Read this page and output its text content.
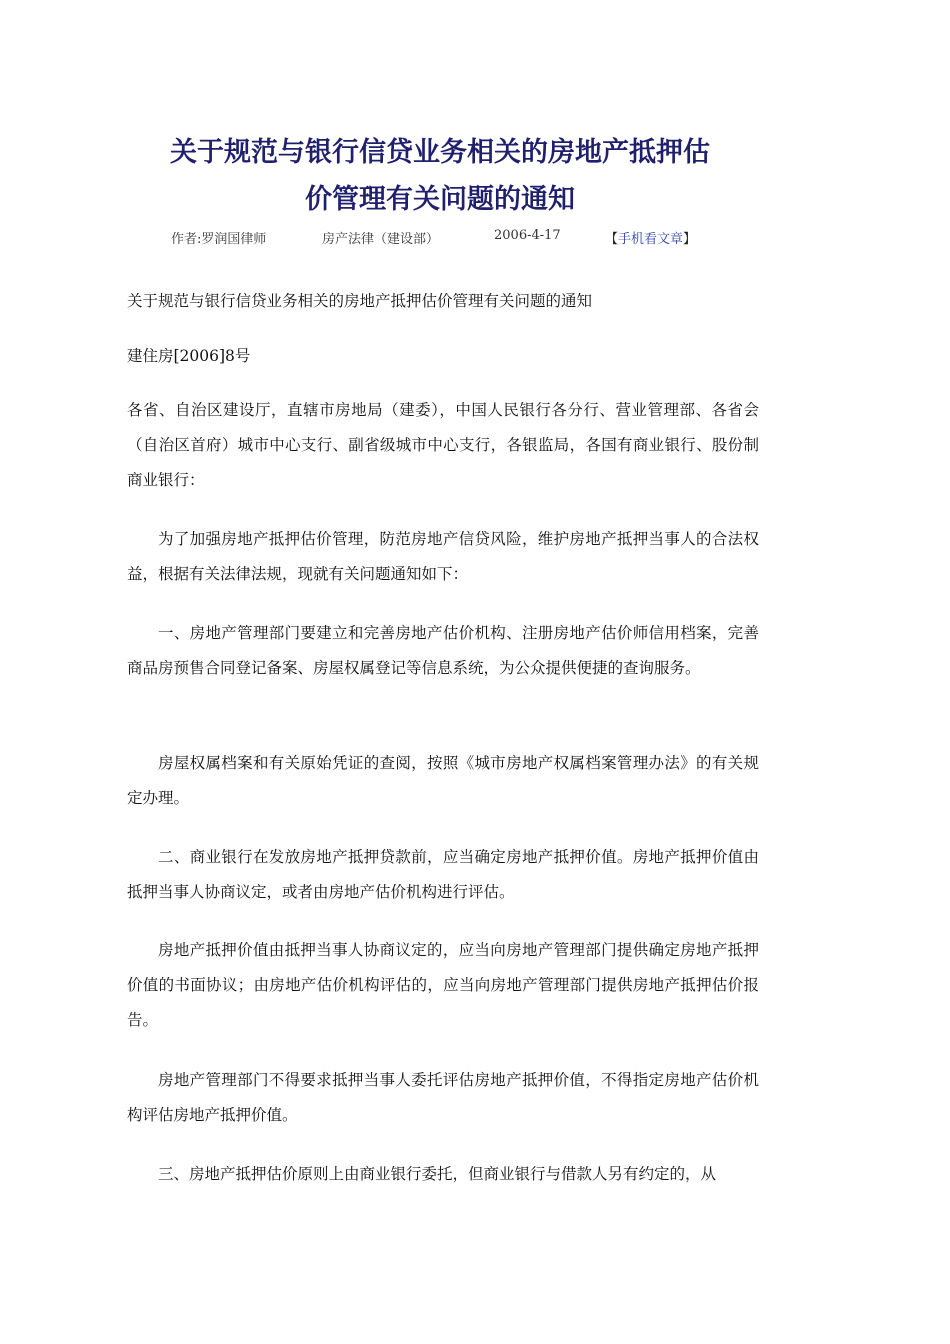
关于规范与银行信贷业务相关的房地产抵押估
价管理有关问题的通知
作者:罗润国律师	房产法律（建设部）	2006-4-17	【手机看文章】

关于规范与银行信贷业务相关的房地产抵押估价管理有关问题的通知

建住房[2006]8号

各省、自治区建设厅，直辖市房地局（建委），中国人民银行各分行、营业管理部、各省会（自治区首府）城市中心支行、副省级城市中心支行，各银监局，各国有商业银行、股份制商业银行：

为了加强房地产抵押估价管理，防范房地产信贷风险，维护房地产抵押当事人的合法权益，根据有关法律法规，现就有关问题通知如下：

一、房地产管理部门要建立和完善房地产估价机构、注册房地产估价师信用档案，完善商品房预售合同登记备案、房屋权属登记等信息系统，为公众提供便捷的查询服务。

房屋权属档案和有关原始凭证的查阅，按照《城市房地产权属档案管理办法》的有关规定办理。

二、商业银行在发放房地产抵押贷款前，应当确定房地产抵押价值。房地产抵押价值由抵押当事人协商议定，或者由房地产估价机构进行评估。

房地产抵押价值由抵押当事人协商议定的，应当向房地产管理部门提供确定房地产抵押价值的书面协议；由房地产估价机构评估的，应当向房地产管理部门提供房地产抵押估价报告。

房地产管理部门不得要求抵押当事人委托评估房地产抵押价值，不得指定房地产估价机构评估房地产抵押价值。

三、房地产抵押估价原则上由商业银行委托，但商业银行与借款人另有约定的，从
